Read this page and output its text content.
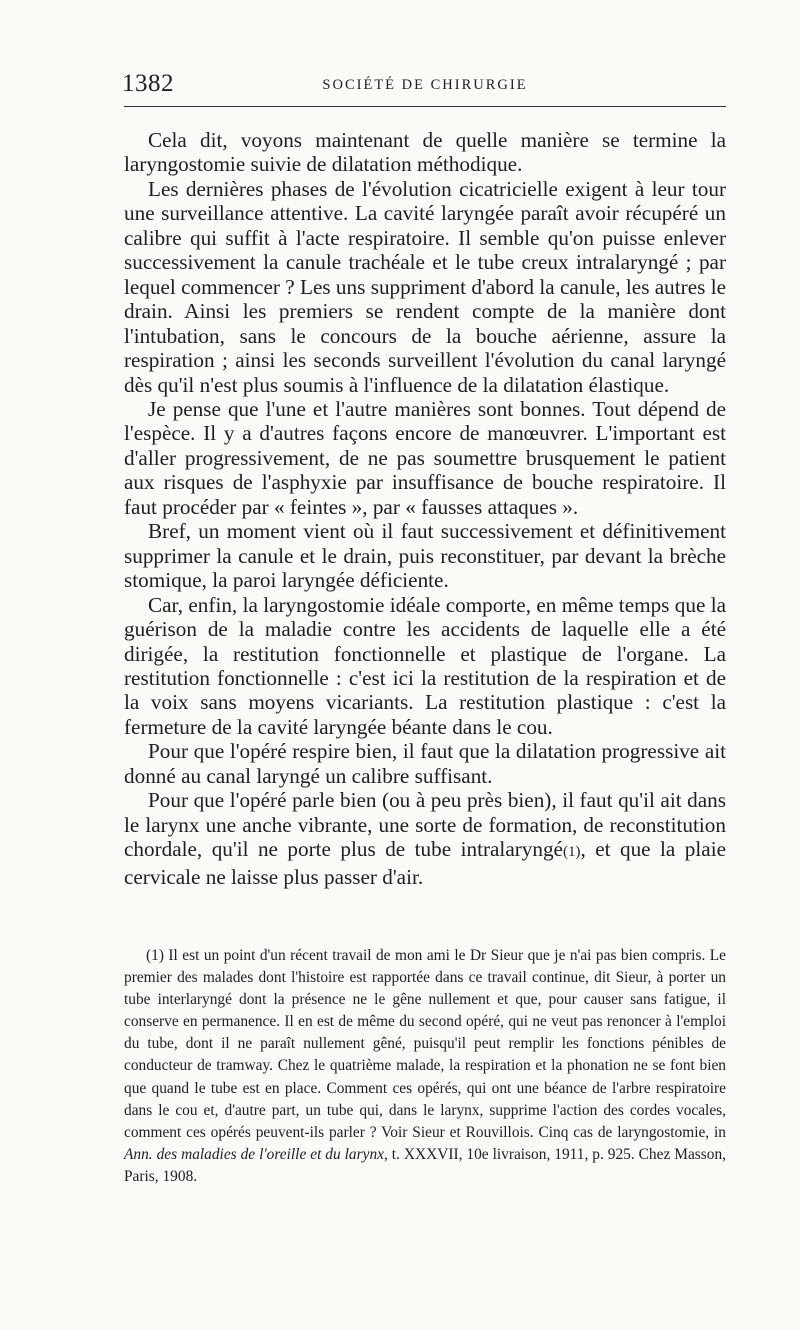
1382	SOCIÉTÉ DE CHIRURGIE

Cela dit, voyons maintenant de quelle manière se termine la laryngostomie suivie de dilatation méthodique.

Les dernières phases de l'évolution cicatricielle exigent à leur tour une surveillance attentive. La cavité laryngée paraît avoir récupéré un calibre qui suffit à l'acte respiratoire. Il semble qu'on puisse enlever successivement la canule trachéale et le tube creux intralaryngé ; par lequel commencer ? Les uns suppriment d'abord la canule, les autres le drain. Ainsi les premiers se rendent compte de la manière dont l'intubation, sans le concours de la bouche aérienne, assure la respiration ; ainsi les seconds surveillent l'évolution du canal laryngé dès qu'il n'est plus soumis à l'influence de la dilatation élastique.

Je pense que l'une et l'autre manières sont bonnes. Tout dépend de l'espèce. Il y a d'autres façons encore de manœuvrer. L'important est d'aller progressivement, de ne pas soumettre brusquement le patient aux risques de l'asphyxie par insuffisance de bouche respiratoire. Il faut procéder par « feintes », par « fausses attaques ».

Bref, un moment vient où il faut successivement et définitivement supprimer la canule et le drain, puis reconstituer, par devant la brèche stomique, la paroi laryngée déficiente.

Car, enfin, la laryngostomie idéale comporte, en même temps que la guérison de la maladie contre les accidents de laquelle elle a été dirigée, la restitution fonctionnelle et plastique de l'organe. La restitution fonctionnelle : c'est ici la restitution de la respiration et de la voix sans moyens vicariants. La restitution plastique : c'est la fermeture de la cavité laryngée béante dans le cou.

Pour que l'opéré respire bien, il faut que la dilatation progressive ait donné au canal laryngé un calibre suffisant.

Pour que l'opéré parle bien (ou à peu près bien), il faut qu'il ait dans le larynx une anche vibrante, une sorte de formation, de reconstitution chordale, qu'il ne porte plus de tube intralaryngé(1), et que la plaie cervicale ne laisse plus passer d'air.

(1) Il est un point d'un récent travail de mon ami le Dr Sieur que je n'ai pas bien compris. Le premier des malades dont l'histoire est rapportée dans ce travail continue, dit Sieur, à porter un tube interlaryngé dont la présence ne le gêne nullement et que, pour causer sans fatigue, il conserve en permanence. Il en est de même du second opéré, qui ne veut pas renoncer à l'emploi du tube, dont il ne paraît nullement gêné, puisqu'il peut remplir les fonctions pénibles de conducteur de tramway. Chez le quatrième malade, la respiration et la phonation ne se font bien que quand le tube est en place. Comment ces opérés, qui ont une béance de l'arbre respiratoire dans le cou et, d'autre part, un tube qui, dans le larynx, supprime l'action des cordes vocales, comment ces opérés peuvent-ils parler ? Voir Sieur et Rouvillois. Cinq cas de laryngostomie, in Ann. des maladies de l'oreille et du larynx, t. XXXVII, 10e livraison, 1911, p. 925. Chez Masson, Paris, 1908.
